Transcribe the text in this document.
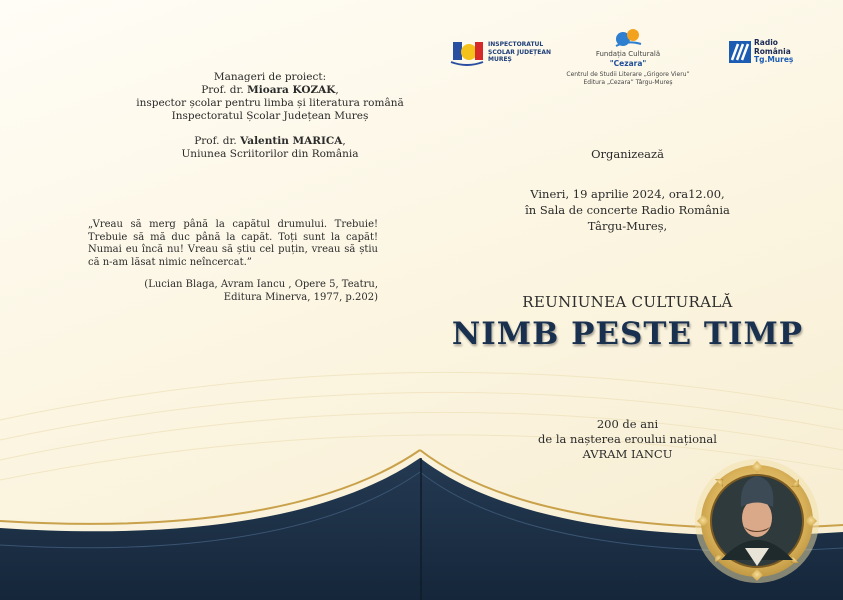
INSPECTORATUL
ȘCOLAR JUDEȚEAN
MUREȘ
Fundația Culturală
"Cezara"
Centrul de Studii Literare „Grigore Vieru”
Editura „Cezara” Târgu-Mureș
Radio
România
Tg.Mureș
Manageri de proiect:
Prof. dr. Mioara KOZAK,
inspector școlar pentru limba și literatura română
Inspectoratul Școlar Județean Mureș
Prof. dr. Valentin MARICA,
Uniunea Scriitorilor din România
„Vreau să merg până la capătul drumului. Trebuie! Trebuie să mă duc până la capăt. Toți sunt la capăt! Numai eu încă nu! Vreau să știu cel puțin, vreau să știu că n-am lăsat nimic neîncercat.”
(Lucian Blaga, Avram Iancu , Opere 5, Teatru,
Editura Minerva, 1977, p.202)
Organizează
Vineri, 19 aprilie 2024, ora12.00,
în Sala de concerte Radio România
Târgu-Mureș,
REUNIUNEA CULTURALĂ
NIMB PESTE TIMP
200 de ani
de la nașterea eroului național
AVRAM IANCU
